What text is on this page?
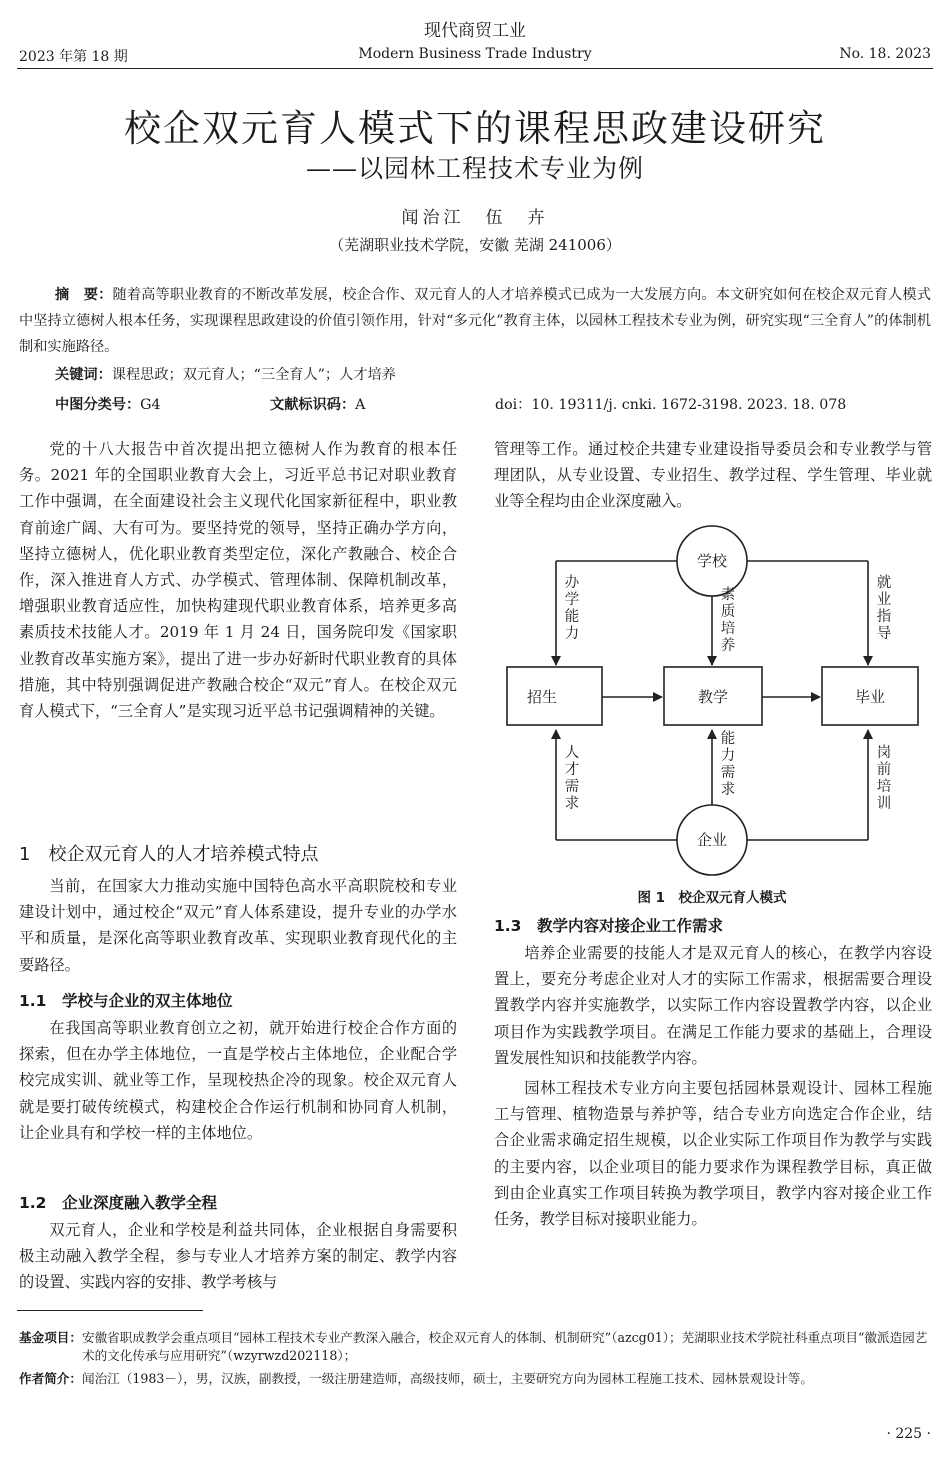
现代商贸工业
Modern Business Trade Industry
2023 年第 18 期	No. 18. 2023
校企双元育人模式下的课程思政建设研究
——以园林工程技术专业为例
闻治江　伍　卉
（芜湖职业技术学院，安徽 芜湖 241006）
摘　要：随着高等职业教育的不断改革发展，校企合作、双元育人的人才培养模式已成为一大发展方向。本文研究如何在校企双元育人模式中坚持立德树人根本任务，实现课程思政建设的价值引领作用，针对“多元化”教育主体，以园林工程技术专业为例，研究实现“三全育人”的体制机制和实施路径。
关键词：课程思政；双元育人；“三全育人”；人才培养
中图分类号：G4	文献标识码：A	doi：10. 19311/j. cnki. 1672-3198. 2023. 18. 078

党的十八大报告中首次提出把立德树人作为教育的根本任务。2021 年的全国职业教育大会上，习近平总书记对职业教育工作中强调，在全面建设社会主义现代化国家新征程中，职业教育前途广阔、大有可为。要坚持党的领导，坚持正确办学方向，坚持立德树人，优化职业教育类型定位，深化产教融合、校企合作，深入推进育人方式、办学模式、管理体制、保障机制改革，增强职业教育适应性，加快构建现代职业教育体系，培养更多高素质技术技能人才。2019 年 1 月 24 日，国务院印发《国家职业教育改革实施方案》，提出了进一步办好新时代职业教育的具体措施，其中特别强调促进产教融合校企“双元”育人。在校企双元育人模式下，“三全育人”是实现习近平总书记强调精神的关键。

1　校企双元育人的人才培养模式特点

当前，在国家大力推动实施中国特色高水平高职院校和专业建设计划中，通过校企“双元”育人体系建设，提升专业的办学水平和质量，是深化高等职业教育改革、实现职业教育现代化的主要路径。

1.1　学校与企业的双主体地位

在我国高等职业教育创立之初，就开始进行校企合作方面的探索，但在办学主体地位，一直是学校占主体地位，企业配合学校完成实训、就业等工作，呈现校热企冷的现象。校企双元育人就是要打破传统模式，构建校企合作运行机制和协同育人机制，让企业具有和学校一样的主体地位。

1.2　企业深度融入教学全程

双元育人，企业和学校是利益共同体，企业根据自身需要积极主动融入教学全程，参与专业人才培养方案的制定、教学内容的设置、实践内容的安排、教学考核与

管理等工作。通过校企共建专业建设指导委员会和专业教学与管理团队，从专业设置、专业招生、教学过程、学生管理、毕业就业等全程均由企业深度融入。

学校
企业
招生	教学	毕业
办
学
能
力
素
质
培
养
就
业
指
导
人
才
需
求
能
力
需
求
岗
前
培
训
图 1　校企双元育人模式
1.3　教学内容对接企业工作需求

培养企业需要的技能人才是双元育人的核心，在教学内容设置上，要充分考虑企业对人才的实际工作需求，根据需要合理设置教学内容并实施教学，以实际工作内容设置教学内容，以企业项目作为实践教学项目。在满足工作能力要求的基础上，合理设置发展性知识和技能教学内容。

园林工程技术专业方向主要包括园林景观设计、园林工程施工与管理、植物造景与养护等，结合专业方向选定合作企业，结合企业需求确定招生规模，以企业实际工作项目作为教学与实践的主要内容，以企业项目的能力要求作为课程教学目标，真正做到由企业真实工作项目转换为教学项目，教学内容对接企业工作任务，教学目标对接职业能力。

基金项目： 安徽省职成教学会重点项目“园林工程技术专业产教深入融合，校企双元育人的体制、机制研究”（azcg01）；芜湖职业技术学院社科重点项目“徽派造园艺术的文化传承与应用研究”（wzyrwzd202118）；
作者简介： 闻治江（1983－），男，汉族，副教授，一级注册建造师，高级技师，硕士，主要研究方向为园林工程施工技术、园林景观设计等。
· 225 ·
